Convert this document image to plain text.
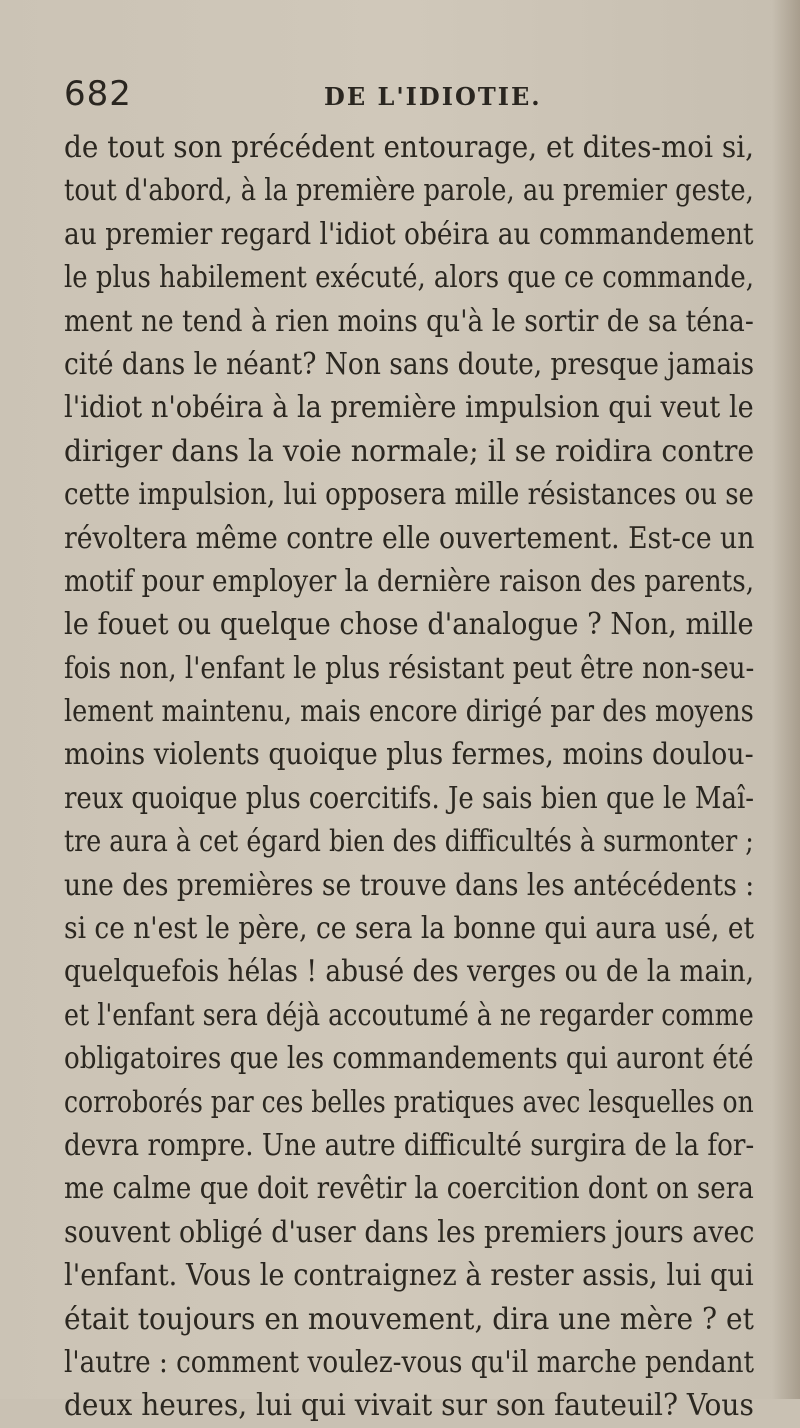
682	DE L'IDIOTIE.
de tout son précédent entourage, et dites-moi si,
tout d'abord, à la première parole, au premier geste,
au premier regard l'idiot obéira au commandement
le plus habilement exécuté, alors que ce commande,
ment ne tend à rien moins qu'à le sortir de sa téna-
cité dans le néant? Non sans doute, presque jamais
l'idiot n'obéira à la première impulsion qui veut le
diriger dans la voie normale; il se roidira contre
cette impulsion, lui opposera mille résistances ou se
révoltera même contre elle ouvertement. Est-ce un
motif pour employer la dernière raison des parents,
le fouet ou quelque chose d'analogue ? Non, mille
fois non, l'enfant le plus résistant peut être non-seu-
lement maintenu, mais encore dirigé par des moyens
moins violents quoique plus fermes, moins doulou-
reux quoique plus coercitifs. Je sais bien que le Maî-
tre aura à cet égard bien des difficultés à surmonter ;
une des premières se trouve dans les antécédents :
si ce n'est le père, ce sera la bonne qui aura usé, et
quelquefois hélas ! abusé des verges ou de la main,
et l'enfant sera déjà accoutumé à ne regarder comme
obligatoires que les commandements qui auront été
corroborés par ces belles pratiques avec lesquelles on
devra rompre. Une autre difficulté surgira de la for-
me calme que doit revêtir la coercition dont on sera
souvent obligé d'user dans les premiers jours avec
l'enfant. Vous le contraignez à rester assis, lui qui
était toujours en mouvement, dira une mère ? et
l'autre : comment voulez-vous qu'il marche pendant
deux heures, lui qui vivait sur son fauteuil? Vous
